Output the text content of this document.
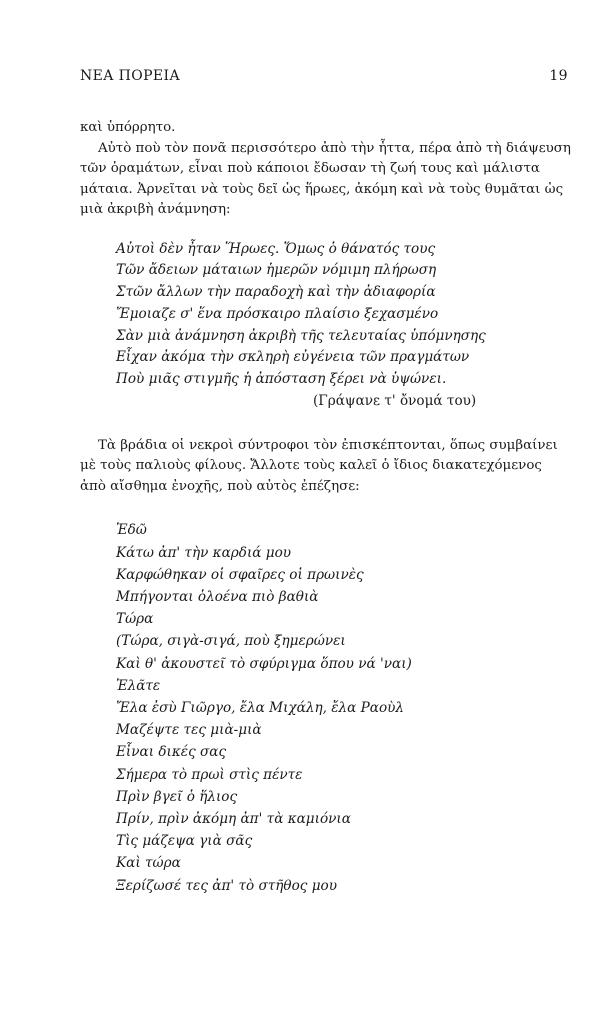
ΝΕΑ ΠΟΡΕΙΑ	19

καὶ ὑπόρρητο.

Αὐτὸ ποὺ τὸν πονᾶ περισσότερο ἀπὸ τὴν ἧττα, πέρα ἀπὸ τὴ διάψευση τῶν ὁραμάτων, εἶναι ποὺ κάποιοι ἔδωσαν τὴ ζωή τους καὶ μάλιστα μάταια. Ἀρνεῖται νὰ τοὺς δεῖ ὡς ἥρωες, ἀκόμη καὶ νὰ τοὺς θυμᾶται ὡς μιὰ ἀκριβὴ ἀνάμνηση:

Αὐτοὶ δὲν ἦταν Ἥρωες. Ὅμως ὁ θάνατός τους
Τῶν ἄδειων μάταιων ἡμερῶν νόμιμη πλήρωση
Στῶν ἄλλων τὴν παραδοχὴ καὶ τὴν ἀδιαφορία
Ἔμοιαζε σ' ἕνα πρόσκαιρο πλαίσιο ξεχασμένο
Σὰν μιὰ ἀνάμνηση ἀκριβὴ τῆς τελευταίας ὑπόμνησης
Εἶχαν ἀκόμα τὴν σκληρὴ εὐγένεια τῶν πραγμάτων
Ποὺ μιᾶς στιγμῆς ἡ ἀπόσταση ξέρει νὰ ὑψώνει.
(Γράψανε τ' ὄνομά του)

Τὰ βράδια οἱ νεκροὶ σύντροφοι τὸν ἐπισκέπτονται, ὅπως συμβαίνει μὲ τοὺς παλιοὺς φίλους. Ἄλλοτε τοὺς καλεῖ ὁ ἴδιος διακατεχόμενος ἀπὸ αἴσθημα ἐνοχῆς, ποὺ αὐτὸς ἐπέζησε:

Ἐδῶ
Κάτω ἀπ' τὴν καρδιά μου
Καρφώθηκαν οἱ σφαῖρες οἱ πρωινὲς
Μπήγονται ὁλοένα πιὸ βαθιὰ
Τώρα
(Τώρα, σιγὰ-σιγά, ποὺ ξημερώνει
Καὶ θ' ἀκουστεῖ τὸ σφύριγμα ὅπου νά 'ναι)
Ἐλᾶτε
Ἔλα ἐσὺ Γιῶργο, ἔλα Μιχάλη, ἔλα Ραοὺλ
Μαζέψτε τες μιὰ-μιὰ
Εἶναι δικές σας
Σήμερα τὸ πρωὶ στὶς πέντε
Πρὶν βγεῖ ὁ ἥλιος
Πρίν, πρὶν ἀκόμη ἀπ' τὰ καμιόνια
Τὶς μάζεψα γιὰ σᾶς
Καὶ τώρα
Ξερίζωσέ τες ἀπ' τὸ στῆθος μου
